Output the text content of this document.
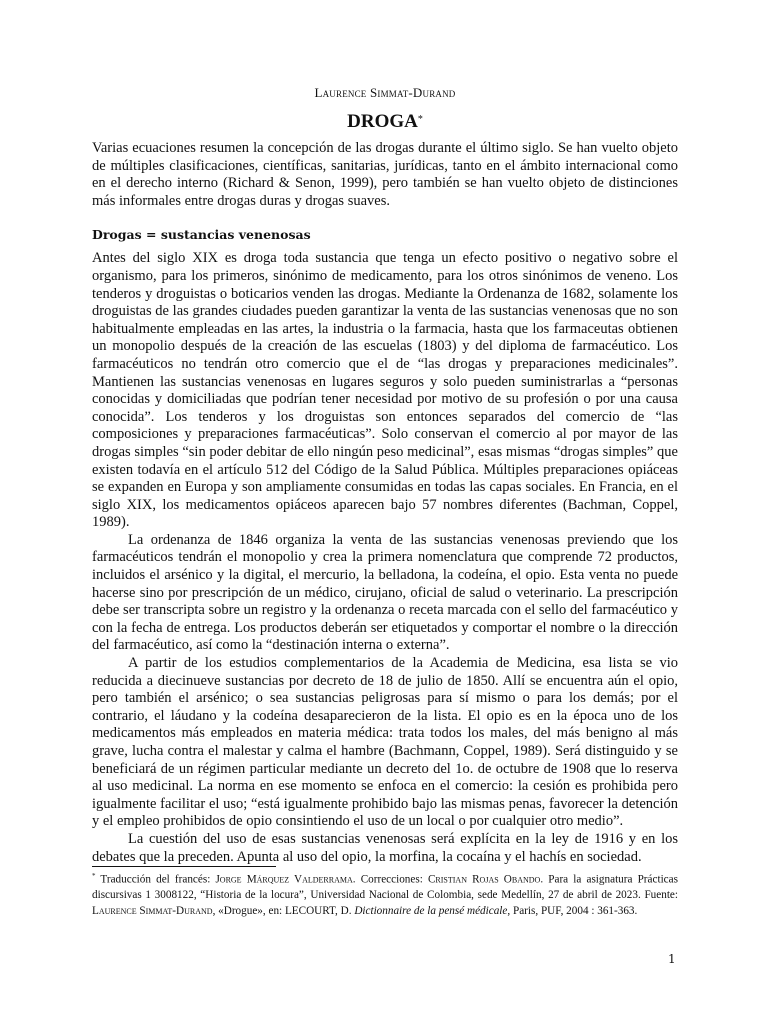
Laurence Simmat-Durand

DROGA*

Varias ecuaciones resumen la concepción de las drogas durante el último siglo. Se han vuelto objeto de múltiples clasificaciones, científicas, sanitarias, jurídicas, tanto en el ámbito internacional como en el derecho interno (Richard & Senon, 1999), pero también se han vuelto objeto de distinciones más informales entre drogas duras y drogas suaves.

Drogas = sustancias venenosas

Antes del siglo XIX es droga toda sustancia que tenga un efecto positivo o negativo sobre el organismo, para los primeros, sinónimo de medicamento, para los otros sinónimos de veneno. Los tenderos y droguistas o boticarios venden las drogas. Mediante la Ordenanza de 1682, solamente los droguistas de las grandes ciudades pueden garantizar la venta de las sustancias venenosas que no son habitualmente empleadas en las artes, la industria o la farmacia, hasta que los farmaceutas obtienen un monopolio después de la creación de las escuelas (1803) y del diploma de farmacéutico. Los farmacéuticos no tendrán otro comercio que el de “las drogas y preparaciones medicinales”. Mantienen las sustancias venenosas en lugares seguros y solo pueden suministrarlas a “personas conocidas y domiciliadas que podrían tener necesidad por motivo de su profesión o por una causa conocida”. Los tenderos y los droguistas son entonces separados del comercio de “las composiciones y preparaciones farmacéuticas”. Solo conservan el comercio al por mayor de las drogas simples “sin poder debitar de ello ningún peso medicinal”, esas mismas “drogas simples” que existen todavía en el artículo 512 del Código de la Salud Pública. Múltiples preparaciones opiáceas se expanden en Europa y son ampliamente consumidas en todas las capas sociales. En Francia, en el siglo XIX, los medicamentos opiáceos aparecen bajo 57 nombres diferentes (Bachman, Coppel, 1989).

La ordenanza de 1846 organiza la venta de las sustancias venenosas previendo que los farmacéuticos tendrán el monopolio y crea la primera nomenclatura que comprende 72 productos, incluidos el arsénico y la digital, el mercurio, la belladona, la codeína, el opio. Esta venta no puede hacerse sino por prescripción de un médico, cirujano, oficial de salud o veterinario. La prescripción debe ser transcripta sobre un registro y la ordenanza o receta marcada con el sello del farmacéutico y con la fecha de entrega. Los productos deberán ser etiquetados y comportar el nombre o la dirección del farmacéutico, así como la “destinación interna o externa”.

A partir de los estudios complementarios de la Academia de Medicina, esa lista se vio reducida a diecinueve sustancias por decreto de 18 de julio de 1850. Allí se encuentra aún el opio, pero también el arsénico; o sea sustancias peligrosas para sí mismo o para los demás; por el contrario, el láudano y la codeína desaparecieron de la lista. El opio es en la época uno de los medicamentos más empleados en materia médica: trata todos los males, del más benigno al más grave, lucha contra el malestar y calma el hambre (Bachmann, Coppel, 1989). Será distinguido y se beneficiará de un régimen particular mediante un decreto del 1o. de octubre de 1908 que lo reserva al uso medicinal. La norma en ese momento se enfoca en el comercio: la cesión es prohibida pero igualmente facilitar el uso; “está igualmente prohibido bajo las mismas penas, favorecer la detención y el empleo prohibidos de opio consintiendo el uso de un local o por cualquier otro medio”.

La cuestión del uso de esas sustancias venenosas será explícita en la ley de 1916 y en los debates que la preceden. Apunta al uso del opio, la morfina, la cocaína y el hachís en sociedad.

* Traducción del francés: Jorge Márquez Valderrama. Correcciones: Cristian Rojas Obando. Para la asignatura Prácticas discursivas 1 3008122, “Historia de la locura”, Universidad Nacional de Colombia, sede Medellín, 27 de abril de 2023. Fuente: Laurence Simmat-Durand, «Drogue», en: LECOURT, D. Dictionnaire de la pensé médicale, Paris, PUF, 2004 : 361-363.
1
